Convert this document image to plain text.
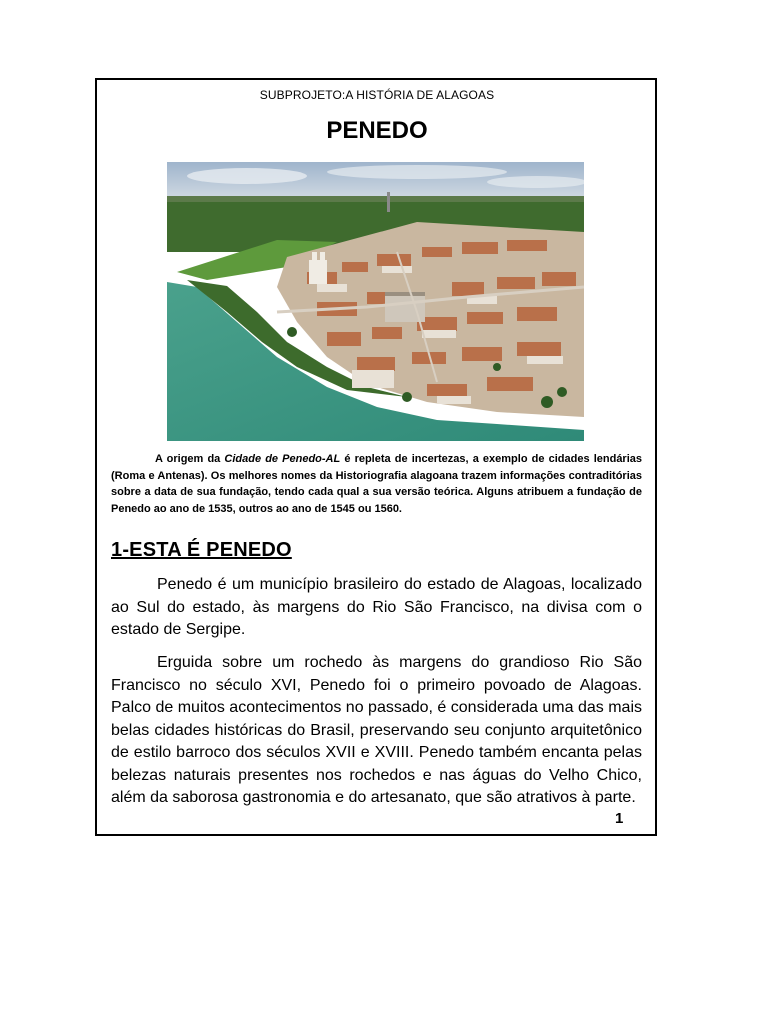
SUBPROJETO:A HISTÓRIA DE ALAGOAS
PENEDO

A origem da Cidade de Penedo-AL é repleta de incertezas, a exemplo de cidades lendárias (Roma e Antenas). Os melhores nomes da Historiografia alagoana trazem informações contraditórias sobre a data de sua fundação, tendo cada qual a sua versão teórica. Alguns atribuem a fundação de Penedo ao ano de 1535, outros ao ano de 1545 ou 1560.

1-ESTA É PENEDO

Penedo é um município brasileiro do estado de Alagoas, localizado ao Sul do estado, às margens do Rio São Francisco, na divisa com o estado de Sergipe.

Erguida sobre um rochedo às margens do grandioso Rio São Francisco no século XVI, Penedo foi o primeiro povoado de Alagoas. Palco de muitos acontecimentos no passado, é considerada uma das mais belas cidades históricas do Brasil, preservando seu conjunto arquitetônico de estilo barroco dos séculos XVII e XVIII. Penedo também encanta pelas belezas naturais presentes nos rochedos e nas águas do Velho Chico, além da saborosa gastronomia e do artesanato, que são atrativos à parte.

1
